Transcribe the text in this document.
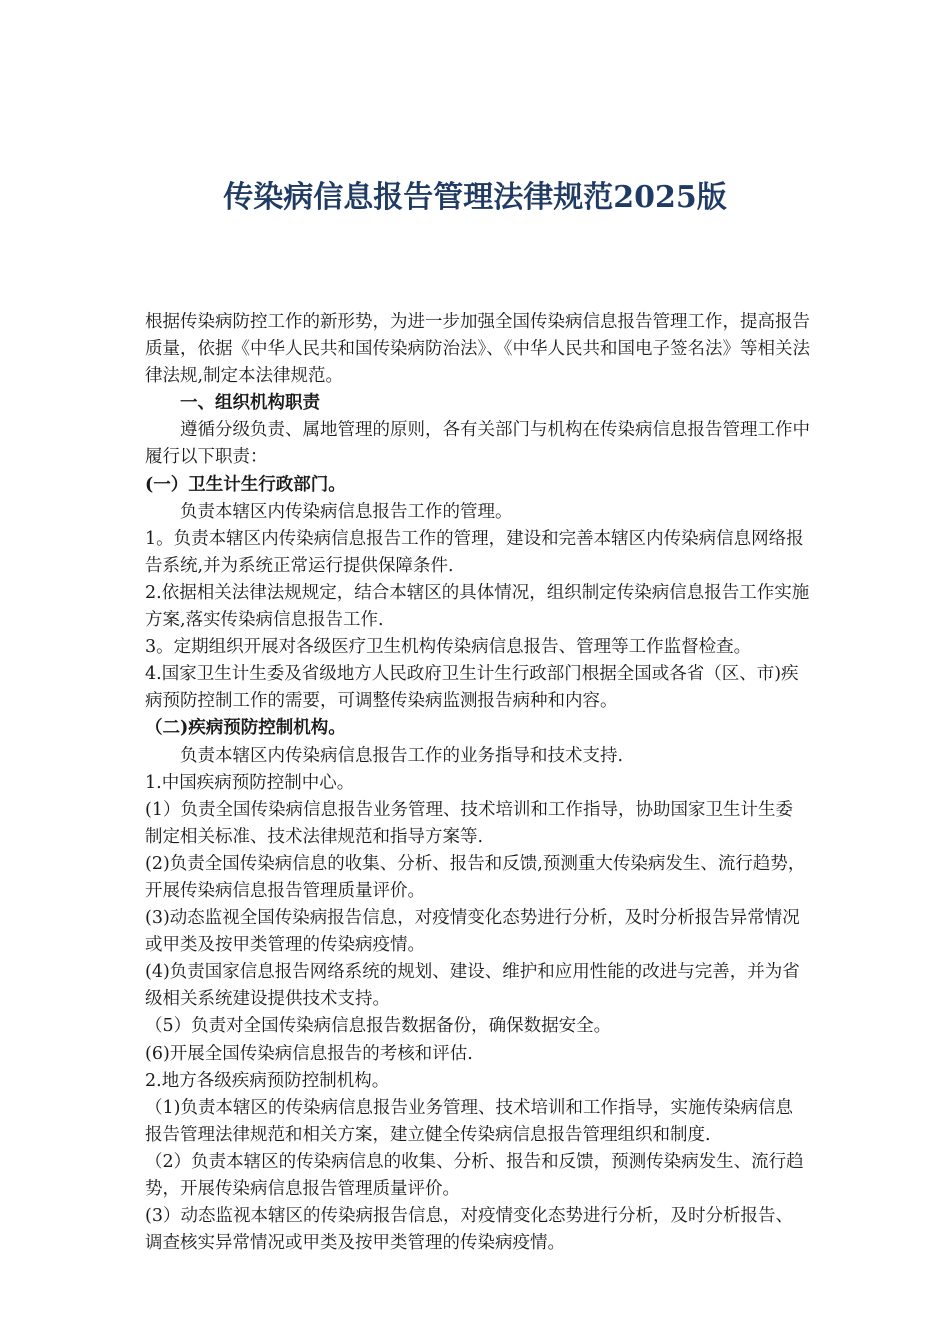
传染病信息报告管理法律规范2025版

根据传染病防控工作的新形势，为进一步加强全国传染病信息报告管理工作，提高报告质量，依据《中华人民共和国传染病防治法》、《中华人民共和国电子签名法》等相关法律法规,制定本法律规范。

一、组织机构职责

遵循分级负责、属地管理的原则，各有关部门与机构在传染病信息报告管理工作中履行以下职责：

(一）卫生计生行政部门。

负责本辖区内传染病信息报告工作的管理。

1。负责本辖区内传染病信息报告工作的管理，建设和完善本辖区内传染病信息网络报告系统,并为系统正常运行提供保障条件.

2.依据相关法律法规规定，结合本辖区的具体情况，组织制定传染病信息报告工作实施方案,落实传染病信息报告工作.

3。定期组织开展对各级医疗卫生机构传染病信息报告、管理等工作监督检查。

4.国家卫生计生委及省级地方人民政府卫生计生行政部门根据全国或各省（区、市)疾病预防控制工作的需要，可调整传染病监测报告病种和内容。

（二)疾病预防控制机构。

负责本辖区内传染病信息报告工作的业务指导和技术支持.

1.中国疾病预防控制中心。

(1）负责全国传染病信息报告业务管理、技术培训和工作指导，协助国家卫生计生委制定相关标准、技术法律规范和指导方案等.

(2)负责全国传染病信息的收集、分析、报告和反馈,预测重大传染病发生、流行趋势，开展传染病信息报告管理质量评价。

(3)动态监视全国传染病报告信息，对疫情变化态势进行分析，及时分析报告异常情况或甲类及按甲类管理的传染病疫情。

(4)负责国家信息报告网络系统的规划、建设、维护和应用性能的改进与完善，并为省级相关系统建设提供技术支持。

（5）负责对全国传染病信息报告数据备份，确保数据安全。

(6)开展全国传染病信息报告的考核和评估.

2.地方各级疾病预防控制机构。

（1)负责本辖区的传染病信息报告业务管理、技术培训和工作指导，实施传染病信息报告管理法律规范和相关方案，建立健全传染病信息报告管理组织和制度.

（2）负责本辖区的传染病信息的收集、分析、报告和反馈，预测传染病发生、流行趋势，开展传染病信息报告管理质量评价。

(3）动态监视本辖区的传染病报告信息，对疫情变化态势进行分析，及时分析报告、调查核实异常情况或甲类及按甲类管理的传染病疫情。
